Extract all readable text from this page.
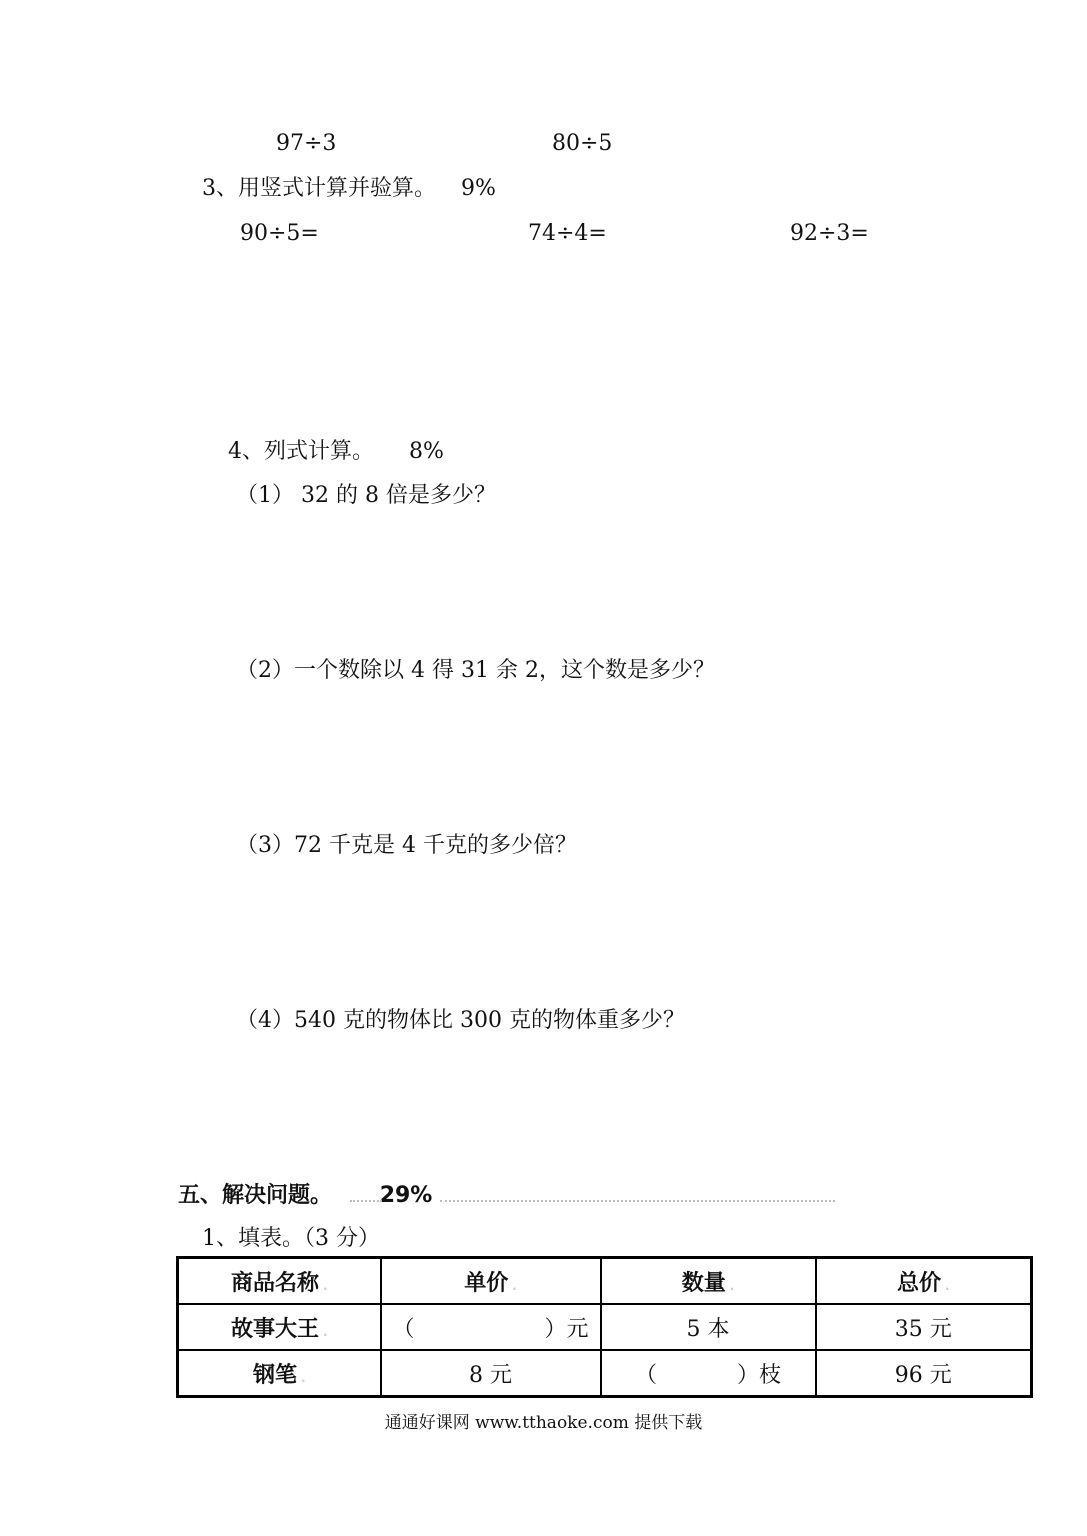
97÷3	80÷5
3、用竖式计算并验算。 9%
90÷5=	74÷4=	92÷3=
4、列式计算。 8%
（1） 32 的 8 倍是多少？
（2）一个数除以 4 得 31 余 2，这个数是多少？
（3）72 千克是 4 千克的多少倍？
（4）540 克的物体比 300 克的物体重多少？
五、解决问题。 29%
1、填表。（3 分）
商品名称 .	单价 .	数量 .	总价 .
故事大王 .	（ ）元	5 本	35 元
钢笔 .	8 元	（ ）枝	96 元
通通好课网 www.tthaoke.com 提供下载
